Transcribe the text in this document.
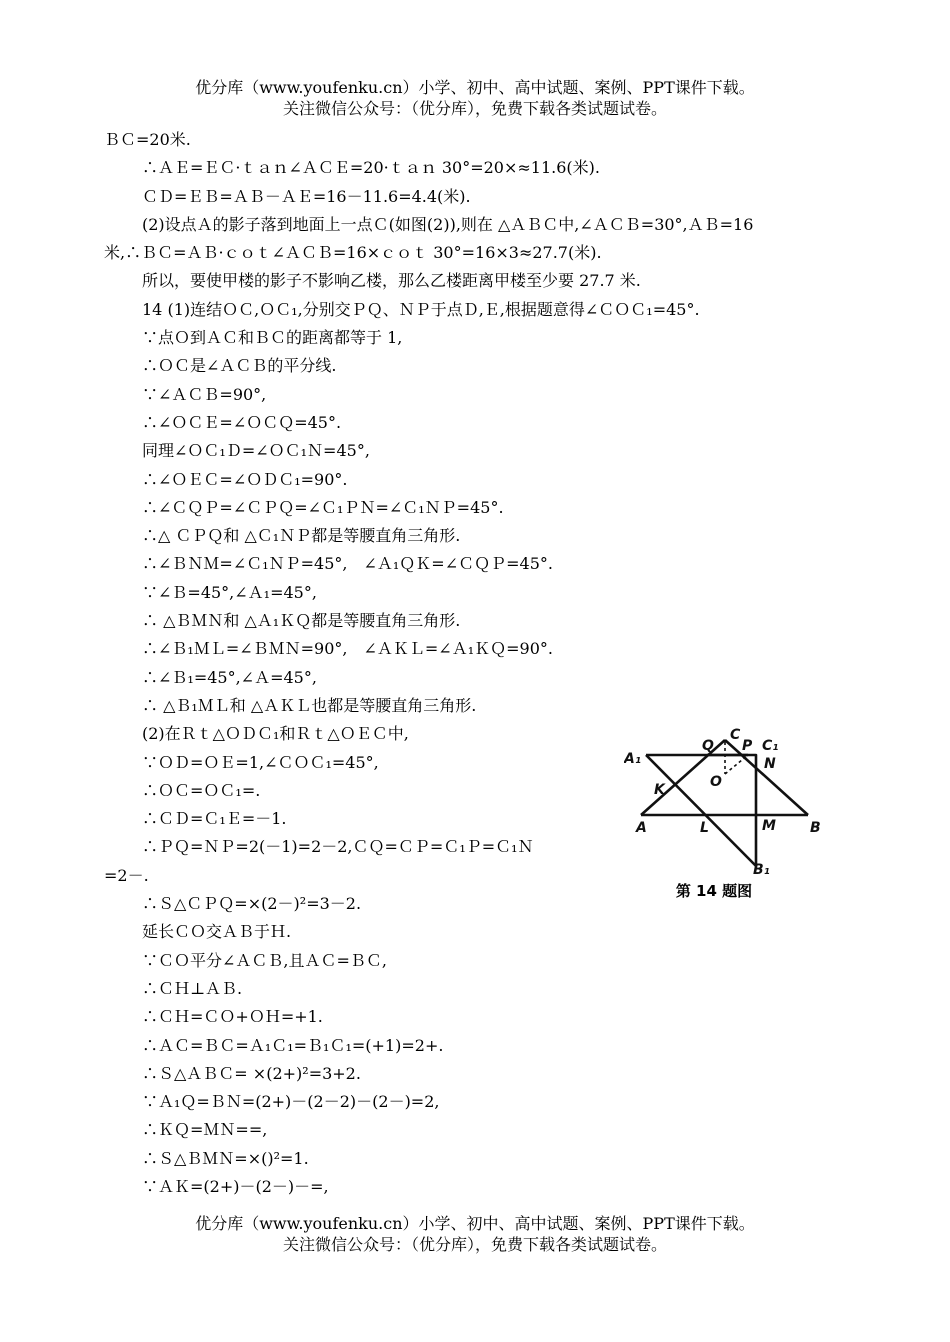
优分库（www.youfenku.cn）小学、初中、高中试题、案例、PPT课件下载。
关注微信公众号：（优分库），免费下载各类试题试卷。
ＢＣ=20米.
∴ＡＥ=ＥＣ·ｔａｎ∠ＡＣＥ=20·ｔａｎ 30°=20×≈11.6(米).
ＣＤ=ＥＢ=ＡＢ－ＡＥ=16－11.6=4.4(米).
(2)设点Ａ的影子落到地面上一点Ｃ(如图(2)),则在 △ＡＢＣ中,∠ＡＣＢ=30°,ＡＢ=16
米,∴ＢＣ=ＡＢ·ｃｏｔ∠ＡＣＢ=16×ｃｏｔ 30°=16×3≈27.7(米).
所以，要使甲楼的影子不影响乙楼，那么乙楼距离甲楼至少要 27.7 米.
14 (1)连结ＯＣ,ＯＣ₁,分别交ＰＱ、ＮＰ于点Ｄ,Ｅ,根据题意得∠ＣＯＣ₁=45°.
∵点Ｏ到ＡＣ和ＢＣ的距离都等于 1,
∴ＯＣ是∠ＡＣＢ的平分线.
∵∠ＡＣＢ=90°,
∴∠ＯＣＥ=∠ＯＣＱ=45°.
同理∠ＯＣ₁Ｄ=∠ＯＣ₁Ｎ=45°,
∴∠ＯＥＣ=∠ＯＤＣ₁=90°.
∴∠ＣＱＰ=∠ＣＰＱ=∠Ｃ₁ＰＮ=∠Ｃ₁ＮＰ=45°.
∴△ ＣＰＱ和 △Ｃ₁ＮＰ都是等腰直角三角形.
∴∠ＢＮＭ=∠Ｃ₁ＮＰ=45°,　∠Ａ₁ＱＫ=∠ＣＱＰ=45°.
∵∠Ｂ=45°,∠Ａ₁=45°,
∴ △ＢＭＮ和 △Ａ₁ＫＱ都是等腰直角三角形.
∴∠Ｂ₁ＭＬ=∠ＢＭＮ=90°,　∠ＡＫＬ=∠Ａ₁ＫＱ=90°.
∴∠Ｂ₁=45°,∠Ａ=45°,
∴ △Ｂ₁ＭＬ和 △ＡＫＬ也都是等腰直角三角形.
(2)在Ｒｔ△ＯＤＣ₁和Ｒｔ△ＯＥＣ中,
∵ＯＤ=ＯＥ=1,∠ＣＯＣ₁=45°,
∴ＯＣ=ＯＣ₁=.
∴ＣＤ=Ｃ₁Ｅ=－1.
∴ＰＱ=ＮＰ=2(－1)=2－2,ＣＱ=ＣＰ=Ｃ₁Ｐ=Ｃ₁Ｎ
=2－.
∴Ｓ△ＣＰＱ=×(2－)²=3－2.
延长ＣＯ交ＡＢ于Ｈ.
∵ＣＯ平分∠ＡＣＢ,且ＡＣ=ＢＣ,
∴ＣＨ⊥ＡＢ.
∴ＣＨ=ＣＯ+ＯＨ=+1.
∴ＡＣ=ＢＣ=Ａ₁Ｃ₁=Ｂ₁Ｃ₁=(+1)=2+.
∴Ｓ△ＡＢＣ= ×(2+)²=3+2.
∵Ａ₁Ｑ=ＢＮ=(2+)－(2－2)－(2－)=2,
∴ＫＱ=ＭＮ==,
∴Ｓ△ＢＭＮ=×()²=1.
∵ＡＫ=(2+)－(2－)－=,
C
Q P C₁
A₁	N
K	O
A	L	M B
B₁
第 14 题图
优分库（www.youfenku.cn）小学、初中、高中试题、案例、PPT课件下载。
关注微信公众号：（优分库），免费下载各类试题试卷。
